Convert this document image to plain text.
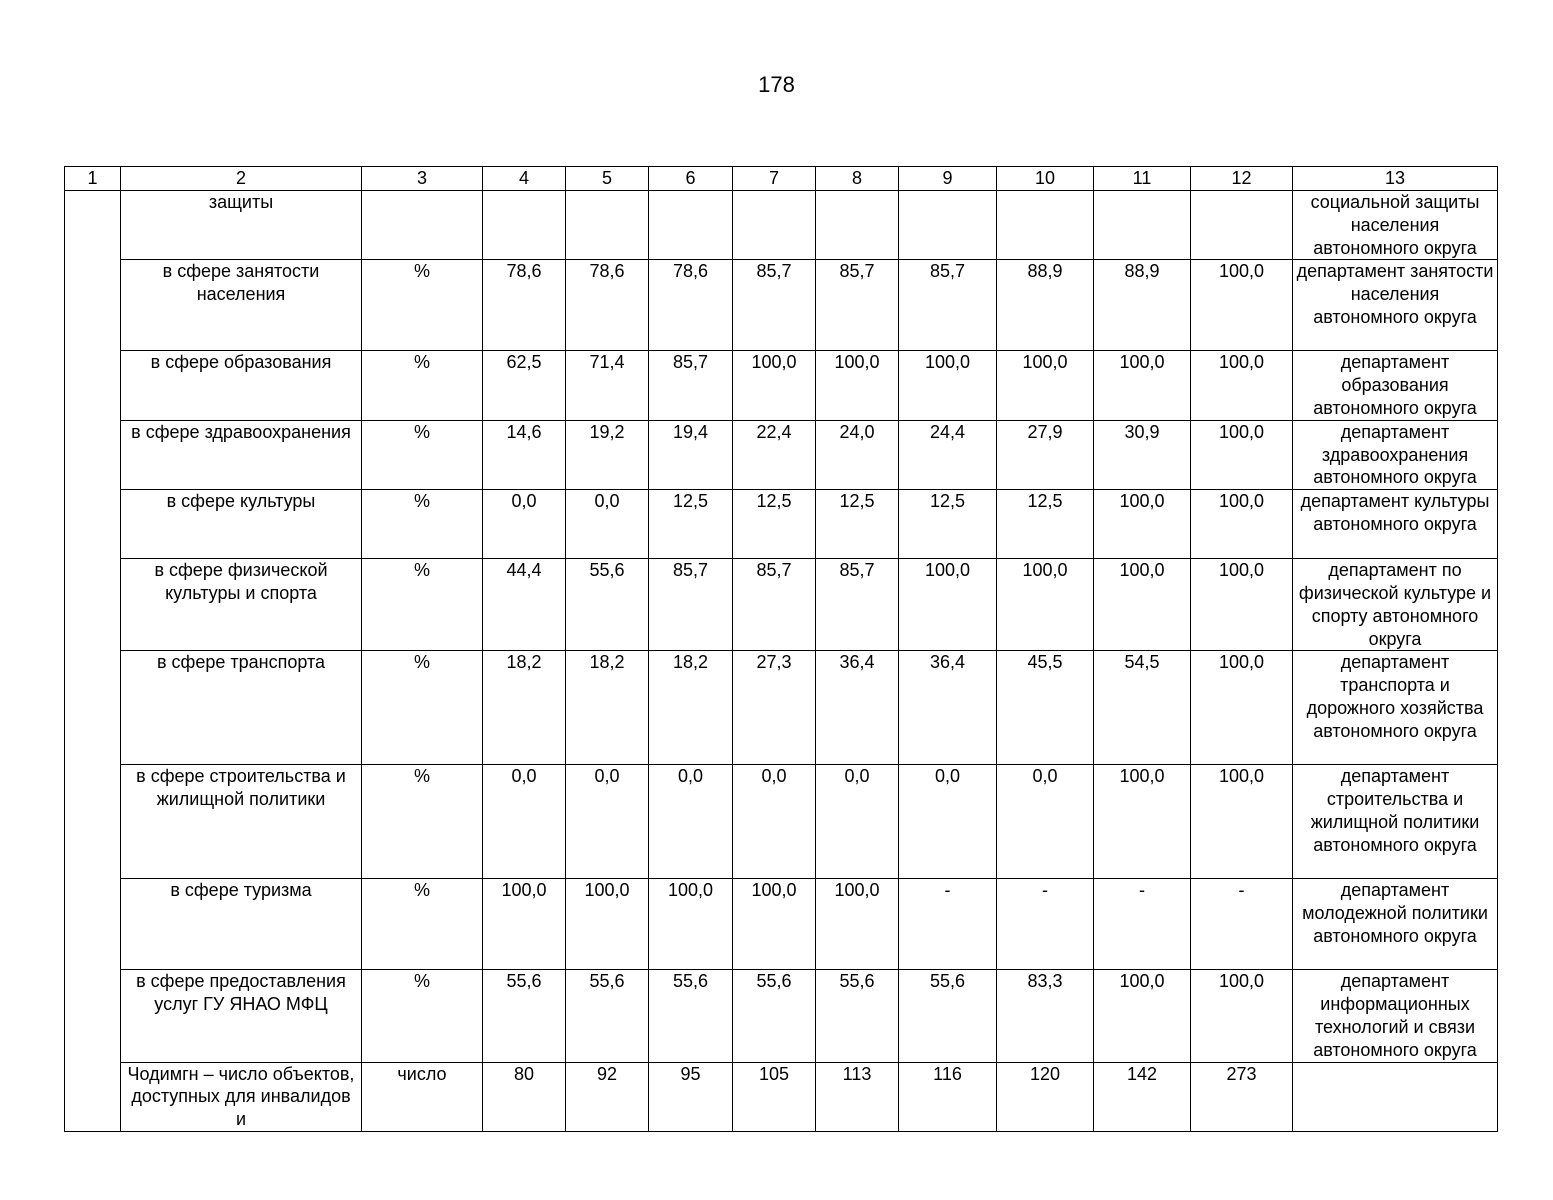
178
1	2	3	4	5	6	7	8	9	10	11	12	13
	защиты											социальной защиты населения автономного округа
	в сфере занятости населения	%	78,6	78,6	78,6	85,7	85,7	85,7	88,9	88,9	100,0	департамент занятости населения автономного округа
	в сфере образования	%	62,5	71,4	85,7	100,0	100,0	100,0	100,0	100,0	100,0	департамент образования автономного округа
	в сфере здравоохранения	%	14,6	19,2	19,4	22,4	24,0	24,4	27,9	30,9	100,0	департамент здравоохранения автономного округа
	в сфере культуры	%	0,0	0,0	12,5	12,5	12,5	12,5	12,5	100,0	100,0	департамент культуры автономного округа
	в сфере физической культуры и спорта	%	44,4	55,6	85,7	85,7	85,7	100,0	100,0	100,0	100,0	департамент по физической культуре и спорту автономного округа
	в сфере транспорта	%	18,2	18,2	18,2	27,3	36,4	36,4	45,5	54,5	100,0	департамент транспорта и дорожного хозяйства автономного округа
	в сфере строительства и жилищной политики	%	0,0	0,0	0,0	0,0	0,0	0,0	0,0	100,0	100,0	департамент строительства и жилищной политики автономного округа
	в сфере туризма	%	100,0	100,0	100,0	100,0	100,0	-	-	-	-	департамент молодежной политики автономного округа
	в сфере предоставления услуг ГУ ЯНАО МФЦ	%	55,6	55,6	55,6	55,6	55,6	55,6	83,3	100,0	100,0	департамент информационных технологий и связи автономного округа
	Чодимгн – число объектов, доступных для инвалидов и	число	80	92	95	105	113	116	120	142	273	
